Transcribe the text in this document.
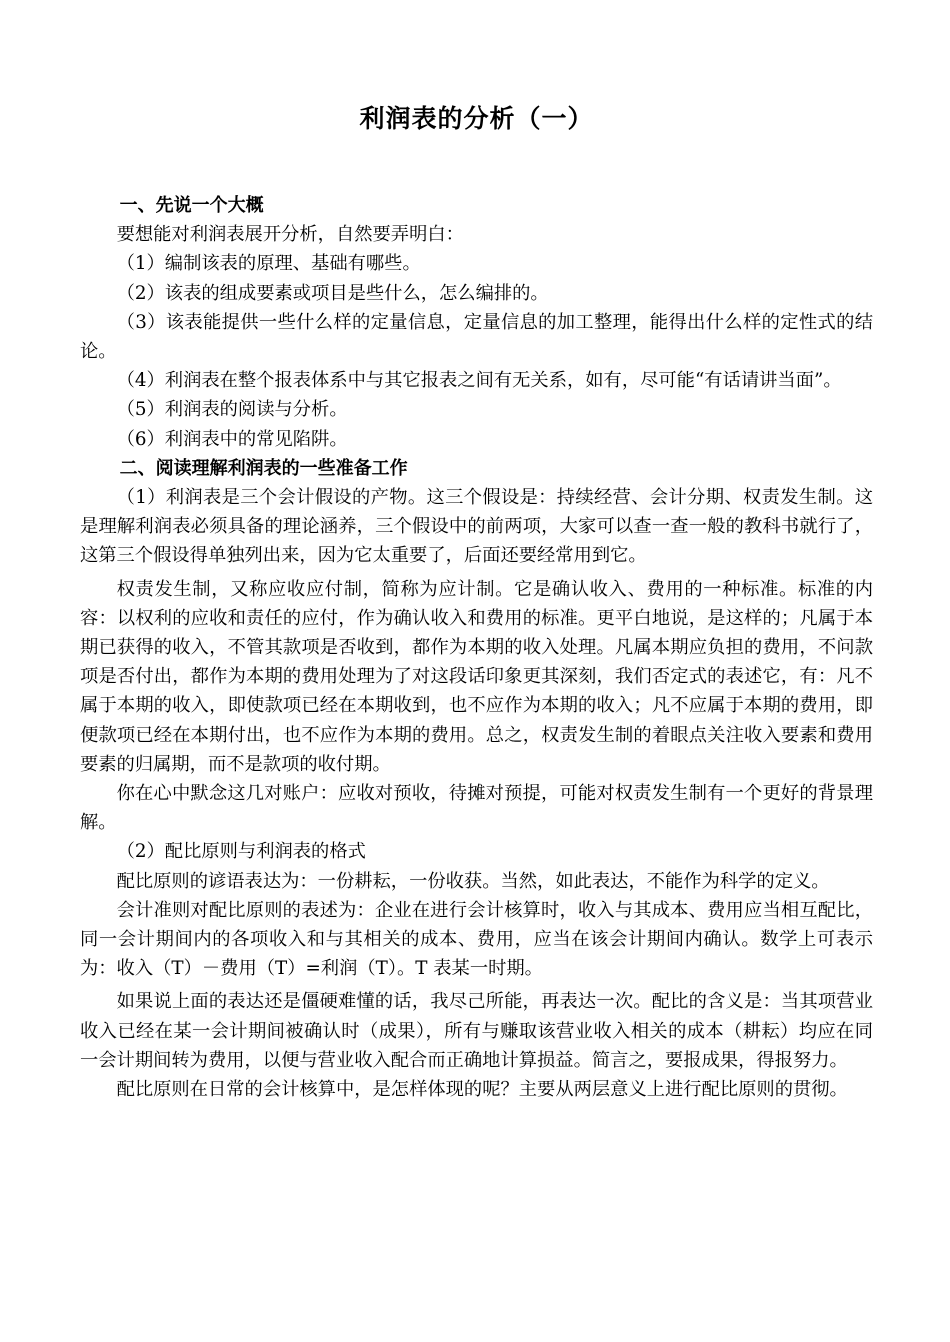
利润表的分析（一）

一、先说一个大概

要想能对利润表展开分析，自然要弄明白：

（1）编制该表的原理、基础有哪些。

（2）该表的组成要素或项目是些什么，怎么编排的。

（3）该表能提供一些什么样的定量信息，定量信息的加工整理，能得出什么样的定性式的结论。

（4）利润表在整个报表体系中与其它报表之间有无关系，如有，尽可能“有话请讲当面”。

（5）利润表的阅读与分析。

（6）利润表中的常见陷阱。

二、阅读理解利润表的一些准备工作

（1）利润表是三个会计假设的产物。这三个假设是：持续经营、会计分期、权责发生制。这是理解利润表必须具备的理论涵养，三个假设中的前两项，大家可以查一查一般的教科书就行了，这第三个假设得单独列出来，因为它太重要了，后面还要经常用到它。

权责发生制，又称应收应付制，简称为应计制。它是确认收入、费用的一种标准。标准的内容：以权利的应收和责任的应付，作为确认收入和费用的标准。更平白地说，是这样的；凡属于本期已获得的收入，不管其款项是否收到，都作为本期的收入处理。凡属本期应负担的费用，不问款项是否付出，都作为本期的费用处理为了对这段话印象更其深刻，我们否定式的表述它，有：凡不属于本期的收入，即使款项已经在本期收到，也不应作为本期的收入；凡不应属于本期的费用，即便款项已经在本期付出，也不应作为本期的费用。总之，权责发生制的着眼点关注收入要素和费用要素的归属期，而不是款项的收付期。

你在心中默念这几对账户：应收对预收，待摊对预提，可能对权责发生制有一个更好的背景理解。

（2）配比原则与利润表的格式

配比原则的谚语表达为：一份耕耘，一份收获。当然，如此表达，不能作为科学的定义。

会计准则对配比原则的表述为：企业在进行会计核算时，收入与其成本、费用应当相互配比，同一会计期间内的各项收入和与其相关的成本、费用，应当在该会计期间内确认。数学上可表示为：收入（T）－费用（T）=利润（T）。T 表某一时期。

如果说上面的表达还是僵硬难懂的话，我尽己所能，再表达一次。配比的含义是：当其项营业收入已经在某一会计期间被确认时（成果），所有与赚取该营业收入相关的成本（耕耘）均应在同一会计期间转为费用，以便与营业收入配合而正确地计算损益。简言之，要报成果，得报努力。

配比原则在日常的会计核算中，是怎样体现的呢？主要从两层意义上进行配比原则的贯彻。
